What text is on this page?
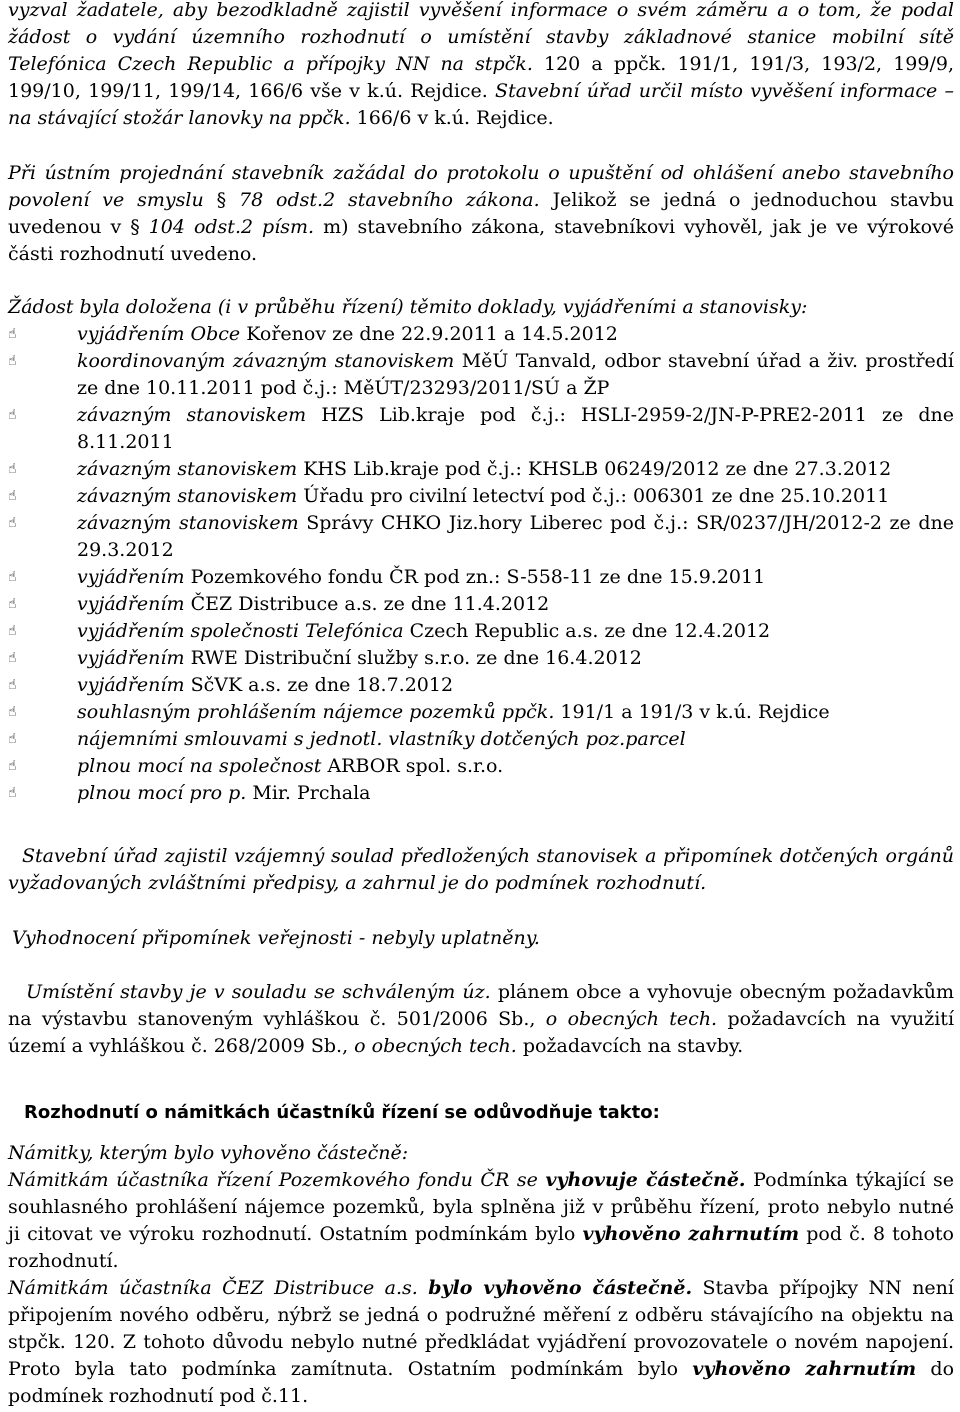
vyzval žadatele, aby bezodkladně zajistil vyvěšení informace o svém záměru a o tom, že podal žádost o vydání územního rozhodnutí o umístění stavby základnové stanice mobilní sítě Telefónica Czech Republic a přípojky NN na stpčk. 120 a ppčk. 191/1, 191/3, 193/2, 199/9, 199/10, 199/11, 199/14, 166/6 vše v k.ú. Rejdice. Stavební úřad určil místo vyvěšení informace – na stávající stožár lanovky na ppčk. 166/6 v k.ú. Rejdice.

Při ústním projednání stavebník zažádal do protokolu o upuštění od ohlášení anebo stavebního povolení ve smyslu § 78 odst.2 stavebního zákona. Jelikož se jedná o jednoduchou stavbu uvedenou v § 104 odst.2 písm. m) stavebního zákona, stavebníkovi vyhověl, jak je ve výrokové části rozhodnutí uvedeno.

Žádost byla doložena (i v průběhu řízení) těmito doklady, vyjádřeními a stanovisky:
☝	vyjádřením Obce Kořenov ze dne 22.9.2011 a 14.5.2012
☝	koordinovaným závazným stanoviskem MěÚ Tanvald, odbor stavební úřad a živ. prostředí ze dne 10.11.2011 pod č.j.: MěÚT/23293/2011/SÚ a ŽP
☝	závazným stanoviskem HZS Lib.kraje pod č.j.: HSLI-2959-2/JN-P-PRE2-2011 ze dne 8.11.2011
☝	závazným stanoviskem KHS Lib.kraje pod č.j.: KHSLB 06249/2012 ze dne 27.3.2012
☝	závazným stanoviskem Úřadu pro civilní letectví pod č.j.: 006301 ze dne 25.10.2011
☝	závazným stanoviskem Správy CHKO Jiz.hory Liberec pod č.j.: SR/0237/JH/2012-2 ze dne 29.3.2012
☝	vyjádřením Pozemkového fondu ČR pod zn.: S-558-11 ze dne 15.9.2011
☝	vyjádřením ČEZ Distribuce a.s. ze dne 11.4.2012
☝	vyjádřením společnosti Telefónica Czech Republic a.s. ze dne 12.4.2012
☝	vyjádřením RWE Distribuční služby s.r.o. ze dne 16.4.2012
☝	vyjádřením SčVK a.s. ze dne 18.7.2012
☝	souhlasným prohlášením nájemce pozemků ppčk. 191/1 a 191/3 v k.ú. Rejdice
☝	nájemními smlouvami s jednotl. vlastníky dotčených poz.parcel
☝	plnou mocí na společnost ARBOR spol. s.r.o.
☝	plnou mocí pro p. Mir. Prchala

Stavební úřad zajistil vzájemný soulad předložených stanovisek a připomínek dotčených orgánů vyžadovaných zvláštními předpisy, a zahrnul je do podmínek rozhodnutí.

Vyhodnocení připomínek veřejnosti - nebyly uplatněny.

Umístění stavby je v souladu se schváleným úz. plánem obce a vyhovuje obecným požadavkům na výstavbu stanoveným vyhláškou č. 501/2006 Sb., o obecných tech. požadavcích na využití území a vyhláškou č. 268/2009 Sb., o obecných tech. požadavcích na stavby.

Rozhodnutí o námitkách účastníků řízení se odůvodňuje takto:
Námitky, kterým bylo vyhověno částečně:

Námitkám účastníka řízení Pozemkového fondu ČR se vyhovuje částečně. Podmínka týkající se souhlasného prohlášení nájemce pozemků, byla splněna již v průběhu řízení, proto nebylo nutné ji citovat ve výroku rozhodnutí. Ostatním podmínkám bylo vyhověno zahrnutím pod č. 8 tohoto rozhodnutí.

Námitkám účastníka ČEZ Distribuce a.s. bylo vyhověno částečně. Stavba přípojky NN není připojením nového odběru, nýbrž se jedná o podružné měření z odběru stávajícího na objektu na stpčk. 120. Z tohoto důvodu nebylo nutné předkládat vyjádření provozovatele o novém napojení. Proto byla tato podmínka zamítnuta. Ostatním podmínkám bylo vyhověno zahrnutím do podmínek rozhodnutí pod č.11.
